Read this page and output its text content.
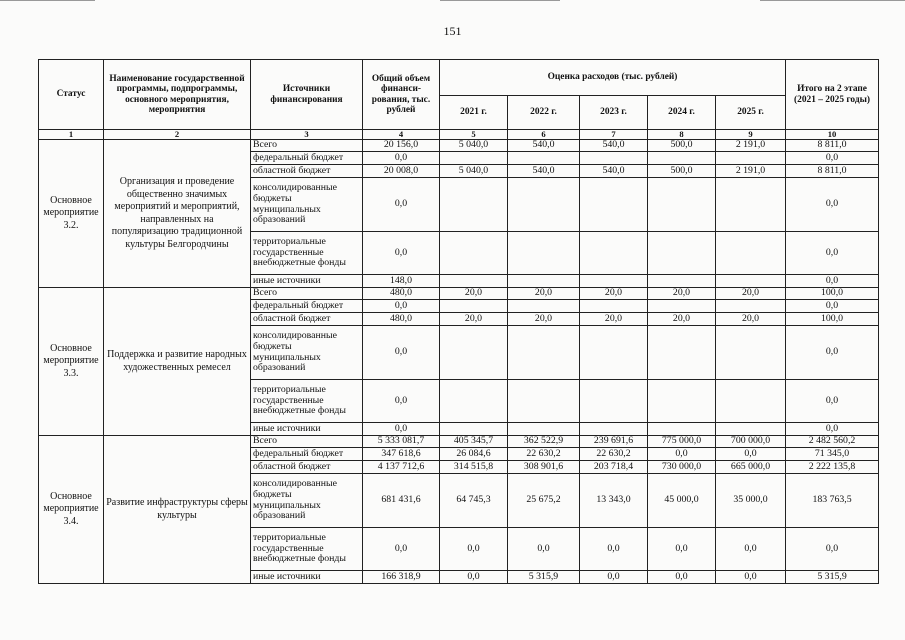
151
Статус	Наименование государственной программы, подпрограммы, основного мероприятия, мероприятия	Источники финансирования	Общий объем финанси-рования, тыс. рублей	Оценка расходов (тыс. рублей)					Итого на 2 этапе (2021 – 2025 годы)
				2021 г.	2022 г.	2023 г.	2024 г.	2025 г.	
1	2	3	4	5	6	7	8	9	10
Основное мероприятие 3.2.	Организация и проведение общественно значимых мероприятий и мероприятий, направленных на популяризацию традиционной культуры Белгородчины	Всего	20 156,0	5 040,0	540,0	540,0	500,0	2 191,0	8 811,0
		федеральный бюджет	0,0						0,0
		областной бюджет	20 008,0	5 040,0	540,0	540,0	500,0	2 191,0	8 811,0
		консолидированные бюджеты муниципальных образований	0,0						0,0
		территориальные государственные внебюджетные фонды	0,0						0,0
		иные источники	148,0						0,0
Основное мероприятие 3.3.	Поддержка и развитие народных художественных ремесел	Всего	480,0	20,0	20,0	20,0	20,0	20,0	100,0
		федеральный бюджет	0,0						0,0
		областной бюджет	480,0	20,0	20,0	20,0	20,0	20,0	100,0
		консолидированные бюджеты муниципальных образований	0,0						0,0
		территориальные государственные внебюджетные фонды	0,0						0,0
		иные источники	0,0						0,0
Основное мероприятие 3.4.	Развитие инфраструктуры сферы культуры	Всего	5 333 081,7	405 345,7	362 522,9	239 691,6	775 000,0	700 000,0	2 482 560,2
		федеральный бюджет	347 618,6	26 084,6	22 630,2	22 630,2	0,0	0,0	71 345,0
		областной бюджет	4 137 712,6	314 515,8	308 901,6	203 718,4	730 000,0	665 000,0	2 222 135,8
		консолидированные бюджеты муниципальных образований	681 431,6	64 745,3	25 675,2	13 343,0	45 000,0	35 000,0	183 763,5
		территориальные государственные внебюджетные фонды	0,0	0,0	0,0	0,0	0,0	0,0	0,0
		иные источники	166 318,9	0,0	5 315,9	0,0	0,0	0,0	5 315,9
